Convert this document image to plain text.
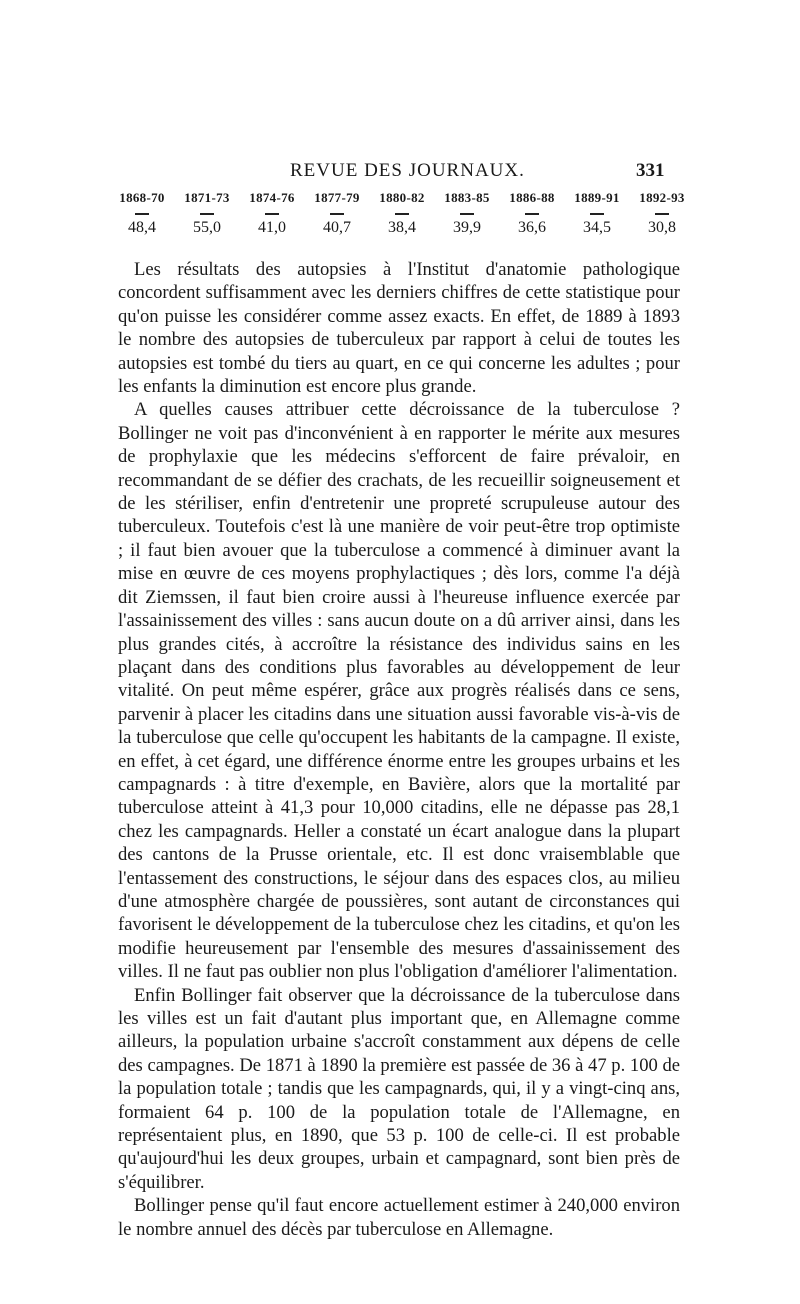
REVUE DES JOURNAUX.	331
1868-70
48,4
1871-73
55,0
1874-76
41,0
1877-79
40,7
1880-82
38,4
1883-85
39,9
1886-88
36,6
1889-91
34,5
1892-93
30,8

Les résultats des autopsies à l'Institut d'anatomie pathologique concordent suffisamment avec les derniers chiffres de cette statistique pour qu'on puisse les considérer comme assez exacts. En effet, de 1889 à 1893 le nombre des autopsies de tuberculeux par rapport à celui de toutes les autopsies est tombé du tiers au quart, en ce qui concerne les adultes ; pour les enfants la diminution est encore plus grande.

A quelles causes attribuer cette décroissance de la tuberculose ? Bollinger ne voit pas d'inconvénient à en rapporter le mérite aux mesures de prophylaxie que les médecins s'efforcent de faire prévaloir, en recommandant de se défier des crachats, de les recueillir soigneusement et de les stériliser, enfin d'entretenir une propreté scrupuleuse autour des tuberculeux. Toutefois c'est là une manière de voir peut-être trop optimiste ; il faut bien avouer que la tuberculose a commencé à diminuer avant la mise en œuvre de ces moyens prophylactiques ; dès lors, comme l'a déjà dit Ziemssen, il faut bien croire aussi à l'heureuse influence exercée par l'assainissement des villes : sans aucun doute on a dû arriver ainsi, dans les plus grandes cités, à accroître la résistance des individus sains en les plaçant dans des conditions plus favorables au développement de leur vitalité. On peut même espérer, grâce aux progrès réalisés dans ce sens, parvenir à placer les citadins dans une situation aussi favorable vis-à-vis de la tuberculose que celle qu'occupent les habitants de la campagne. Il existe, en effet, à cet égard, une différence énorme entre les groupes urbains et les campagnards : à titre d'exemple, en Bavière, alors que la mortalité par tuberculose atteint à 41,3 pour 10,000 citadins, elle ne dépasse pas 28,1 chez les campagnards. Heller a constaté un écart analogue dans la plupart des cantons de la Prusse orientale, etc. Il est donc vraisemblable que l'entassement des constructions, le séjour dans des espaces clos, au milieu d'une atmosphère chargée de poussières, sont autant de circonstances qui favorisent le développement de la tuberculose chez les citadins, et qu'on les modifie heureusement par l'ensemble des mesures d'assainissement des villes. Il ne faut pas oublier non plus l'obligation d'améliorer l'alimentation.

Enfin Bollinger fait observer que la décroissance de la tuberculose dans les villes est un fait d'autant plus important que, en Allemagne comme ailleurs, la population urbaine s'accroît constamment aux dépens de celle des campagnes. De 1871 à 1890 la première est passée de 36 à 47 p. 100 de la population totale ; tandis que les campagnards, qui, il y a vingt-cinq ans, formaient 64 p. 100 de la population totale de l'Allemagne, en représentaient plus, en 1890, que 53 p. 100 de celle-ci. Il est probable qu'aujourd'hui les deux groupes, urbain et campagnard, sont bien près de s'équilibrer.

Bollinger pense qu'il faut encore actuellement estimer à 240,000 environ le nombre annuel des décès par tuberculose en Allemagne.
